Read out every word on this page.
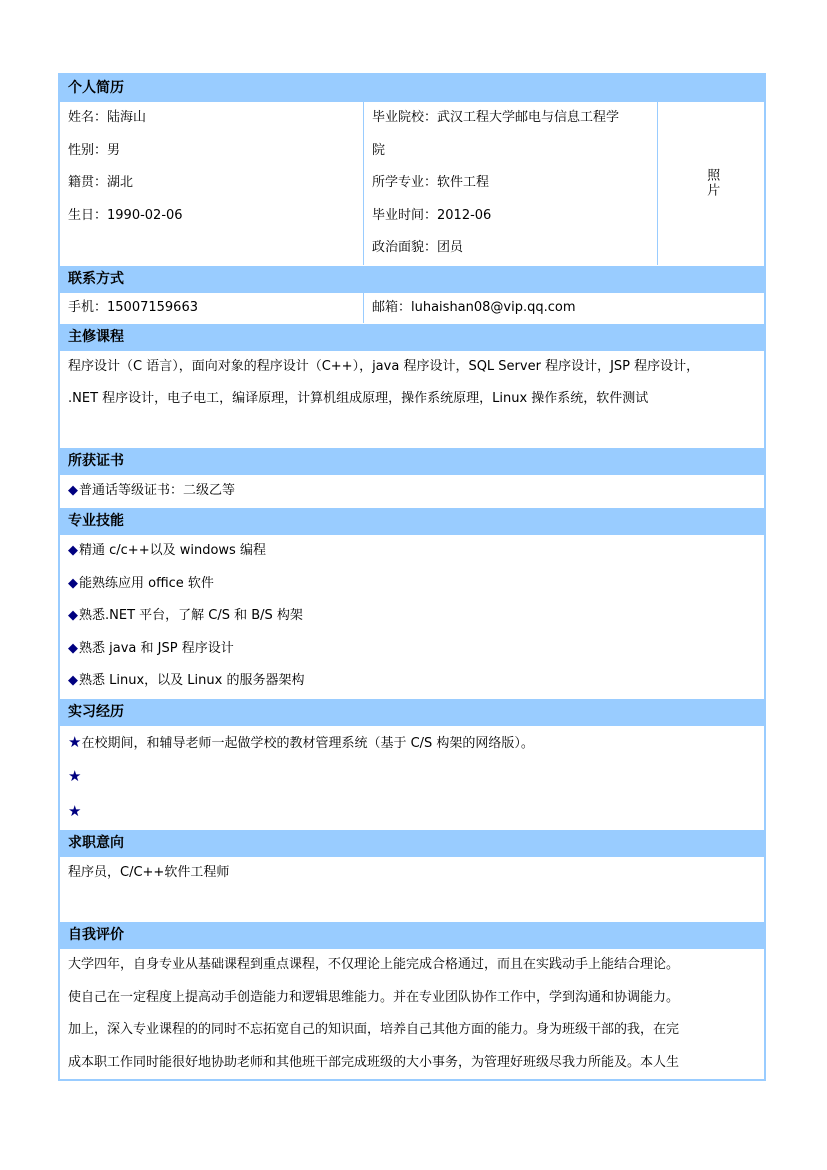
个人简历
姓名：陆海山
性别：男
籍贯：湖北
生日：1990-02-06
毕业院校：武汉工程大学邮电与信息工程学
院
所学专业：软件工程
毕业时间：2012-06
政治面貌：团员
照片
联系方式
手机：15007159663	邮箱：luhaishan08@vip.qq.com
主修课程
程序设计（C 语言），面向对象的程序设计（C++），java 程序设计，SQL Server 程序设计，JSP 程序设计，
.NET 程序设计，电子电工，编译原理，计算机组成原理，操作系统原理，Linux 操作系统，软件测试
所获证书
◆普通话等级证书：二级乙等
专业技能
◆精通 c/c++以及 windows 编程
◆能熟练应用 office 软件
◆熟悉.NET 平台，了解 C/S 和 B/S 构架
◆熟悉 java 和 JSP 程序设计
◆熟悉 Linux，以及 Linux 的服务器架构
实习经历
★在校期间，和辅导老师一起做学校的教材管理系统（基于 C/S 构架的网络版）。
★
★
求职意向
程序员，C/C++软件工程师
自我评价
大学四年，自身专业从基础课程到重点课程，不仅理论上能完成合格通过，而且在实践动手上能结合理论。
使自己在一定程度上提高动手创造能力和逻辑思维能力。并在专业团队协作工作中，学到沟通和协调能力。
加上，深入专业课程的的同时不忘拓宽自己的知识面，培养自己其他方面的能力。身为班级干部的我，在完
成本职工作同时能很好地协助老师和其他班干部完成班级的大小事务，为管理好班级尽我力所能及。本人生
